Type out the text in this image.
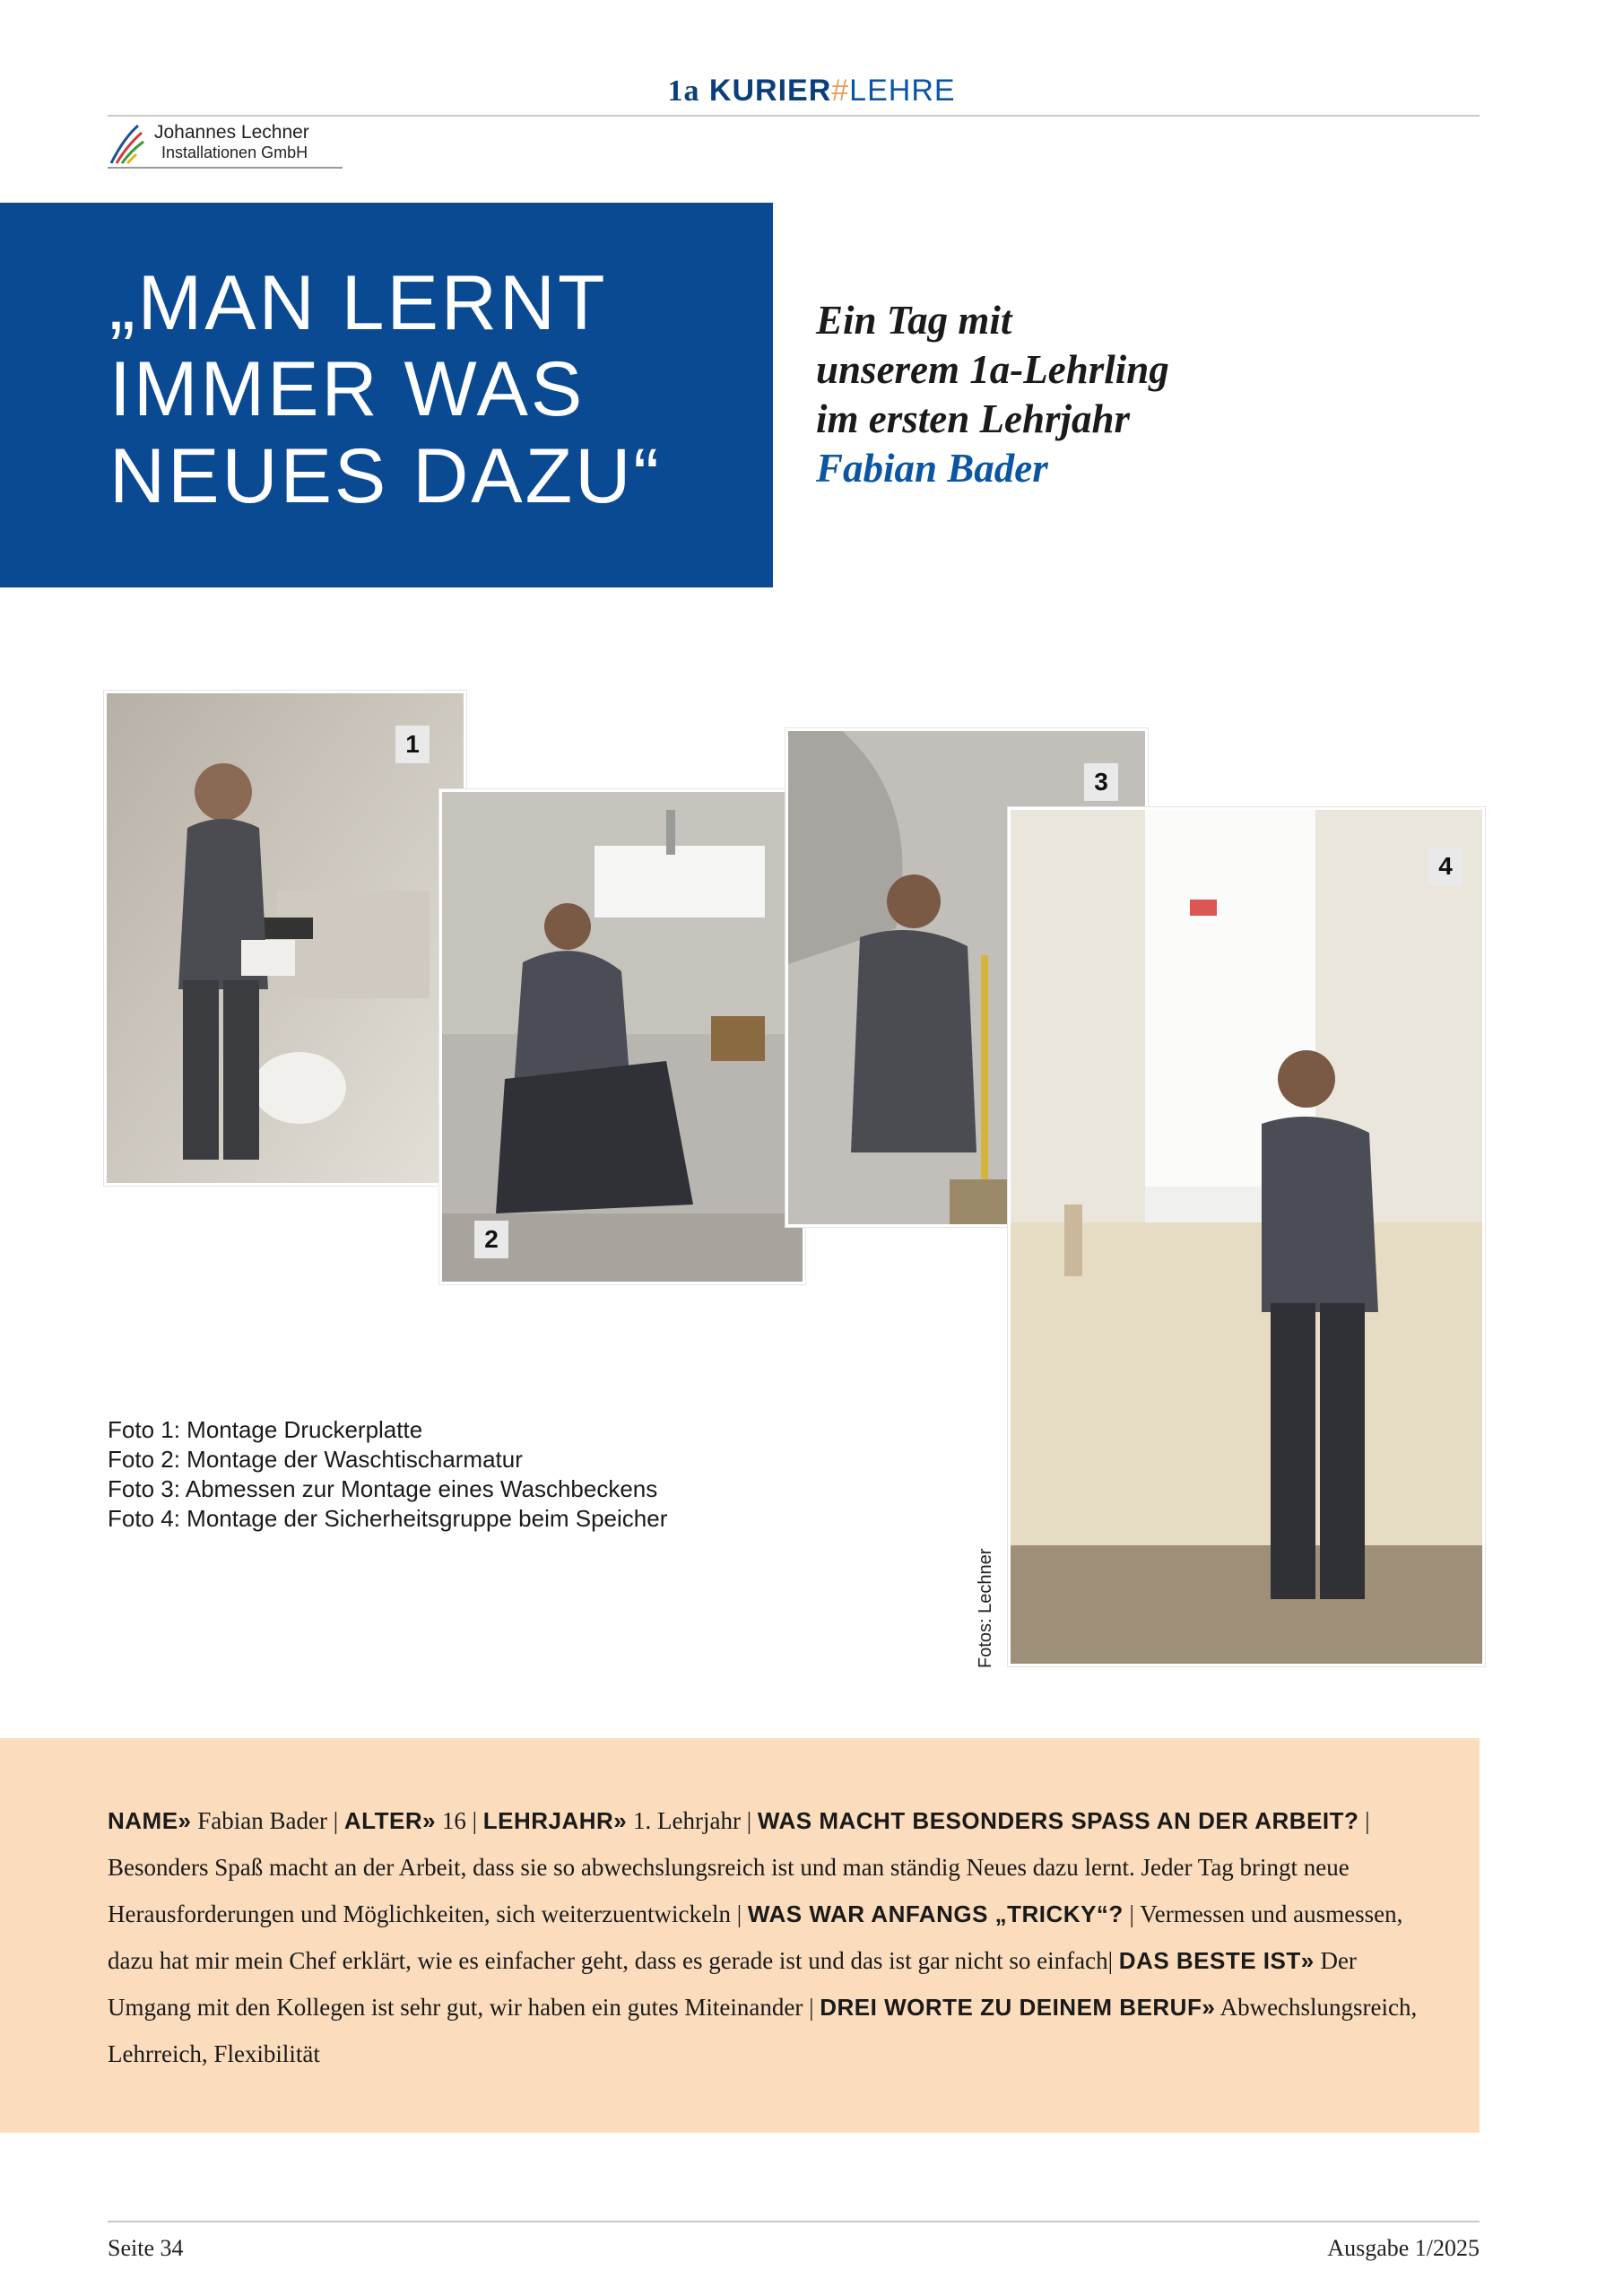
1a KURIER#LEHRE
Johannes Lechner
Installationen GmbH
„MAN LERNT
IMMER WAS
NEUES DAZU“
Ein Tag mit
unserem 1a-Lehrling
im ersten Lehrjahr
Fabian Bader
1
2
3
4
Foto 1: Montage Druckerplatte
Foto 2: Montage der Waschtischarmatur
Foto 3: Abmessen zur Montage eines Waschbeckens
Foto 4: Montage der Sicherheitsgruppe beim Speicher
Fotos: Lechner
NAME» Fabian Bader | ALTER» 16 | LEHRJAHR» 1. Lehrjahr | WAS MACHT BESONDERS SPASS AN DER ARBEIT? | Besonders Spaß macht an der Arbeit, dass sie so abwechslungsreich ist und man ständig Neues dazu lernt. Jeder Tag bringt neue Herausforderungen und Möglichkeiten, sich weiterzuentwickeln | WAS WAR ANFANGS „TRICKY“? | Vermessen und ausmessen, dazu hat mir mein Chef erklärt, wie es einfacher geht, dass es gerade ist und das ist gar nicht so einfach| DAS BESTE IST» Der Umgang mit den Kollegen ist sehr gut, wir haben ein gutes Miteinander | DREI WORTE ZU DEINEM BERUF» Abwechslungsreich, Lehrreich, Flexibilität
Seite 34	Ausgabe 1/2025
